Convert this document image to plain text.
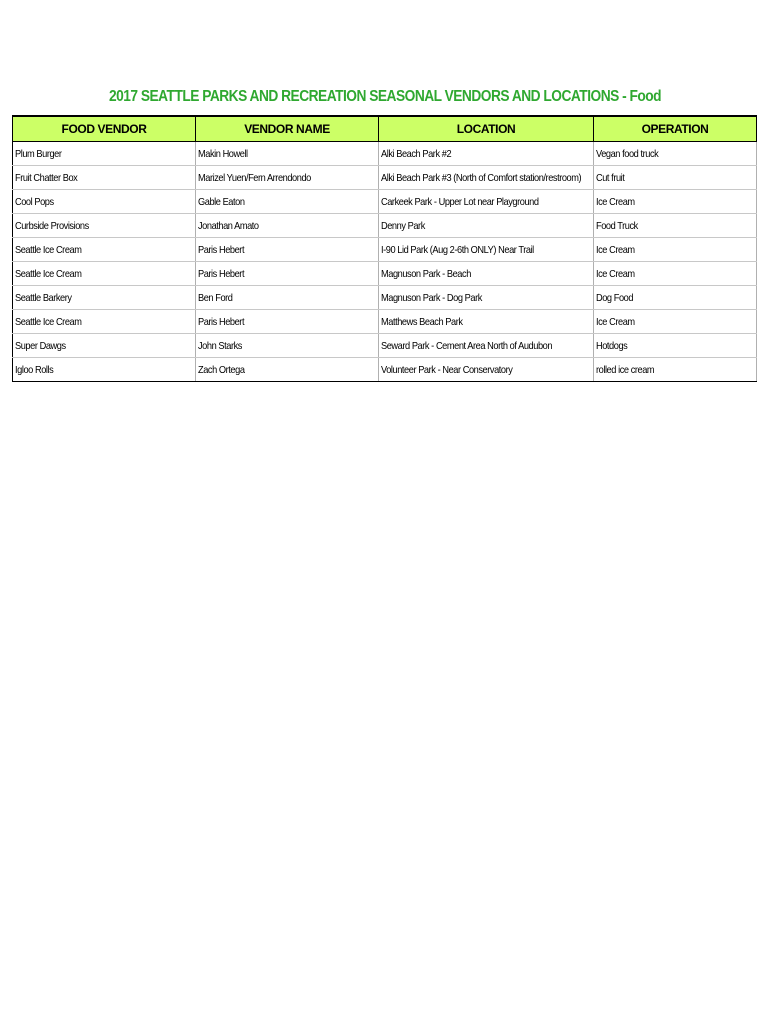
2017 SEATTLE PARKS AND RECREATION SEASONAL VENDORS AND LOCATIONS - Food
FOOD VENDOR	VENDOR NAME	LOCATION	OPERATION
Plum Burger	Makin Howell	Alki Beach Park #2	Vegan food truck
Fruit Chatter Box	Marizel Yuen/Fern Arrendondo	Alki Beach Park #3 (North of Comfort station/restroom)	Cut fruit
Cool Pops	Gable Eaton	Carkeek Park - Upper Lot near Playground	Ice Cream
Curbside Provisions	Jonathan Amato	Denny Park	Food Truck
Seattle Ice Cream	Paris Hebert	I-90 Lid Park (Aug 2-6th ONLY) Near Trail	Ice Cream
Seattle Ice Cream	Paris Hebert	Magnuson Park - Beach	Ice Cream
Seattle Barkery	Ben Ford	Magnuson Park - Dog Park	Dog Food
Seattle Ice Cream	Paris Hebert	Matthews Beach Park	Ice Cream
Super Dawgs	John Starks	Seward Park - Cement Area North of Audubon	Hotdogs
Igloo Rolls	Zach Ortega	Volunteer Park - Near Conservatory	rolled ice cream
